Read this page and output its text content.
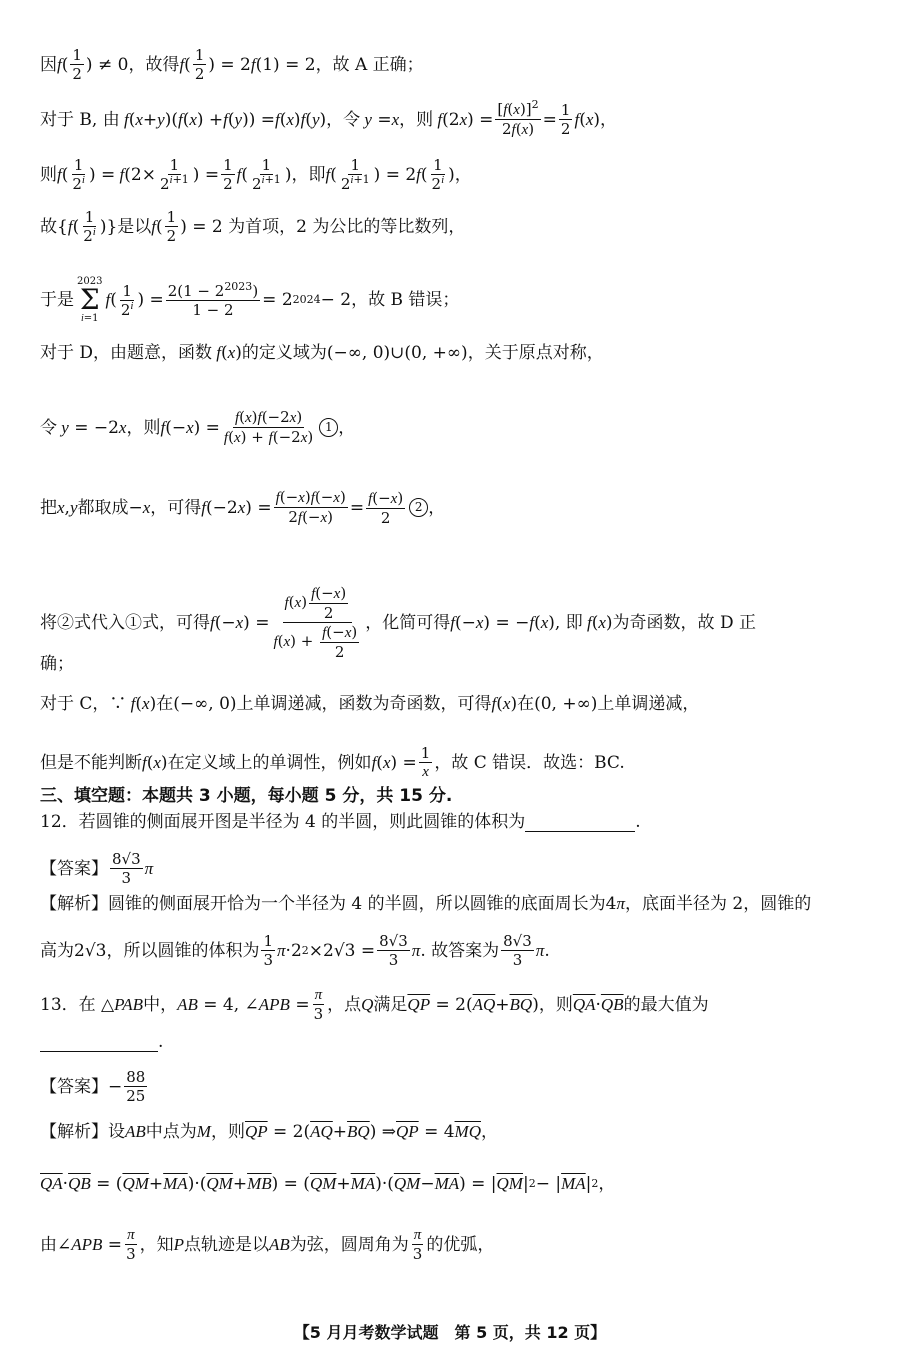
因 f ( $\frac{1}{2}$ ) ≠ 0 ，故得 f ( $\frac{1}{2}$ ) = 2f(1) = 2 ，故 A 正确；
对于 B, 由 f ( x + y )( f ( x ) + f ( y )) = f ( x ) f ( y ) ，令 y = x ，则 f (2 x ) = $\frac{[f(x)]^2}{2f(x)} = \frac{1}{2}$ f ( x ) ，
则 f ( $\frac{1}{2^i}$ ) = f ($2\times \frac{1}{2^{i+1}}$ ) = $\frac{1}{2}$ f ( $\frac{1}{2^{i+1}}$ ) ，即 f ( $\frac{1}{2^{i+1}}$ ) = 2 f ( $\frac{1}{2^i}$ ) ，
故 { f ( $\frac{1}{2^i}$ )} 是以 f ( $\frac{1}{2}$ ) = 2 为首项，2 为公比的等比数列，
于是
2023
Σ
i=1
f ( $\frac{1}{2^i}$ ) = $\frac{2(1 - 2^{2023})}{1 - 2} = 2$ 2024 − 2 ，故 B 错误；
对于 D，由题意，函数 f ( x ) 的定义域为 (−∞, 0)∪(0, +∞) ，关于原点对称，
令 y = −2 x ，则 f (− x ) = $\frac{f(x)f(-2x)}{f(x) + f(-2x)} 1$ ，
把 x , y 都取成 − x ，可得 f (−2 x ) = $\frac{f(-x)f(-x)}{2f(-x)} = \frac{f(-x)}{2} 2$ ，
将②式代入①式，可得 f (− x ) = $\frac{f(x) \frac{f(-x)}{2}}{f(x) + \frac{f(-x)}{2}}$ ，化简可得 f (− x ) = − f ( x ) , 即 f ( x ) 为奇函数，故 D 正
确；
对于 C，∵ f ( x ) 在 (−∞, 0) 上单调递减，函数为奇函数，可得 f ( x ) 在 (0, +∞) 上单调递减，
但是不能判断 f ( x ) 在定义域上的单调性，例如 f ( x ) = $\frac{1}{x}$ ，故 C 错误．故选：BC.
三、填空题：本题共 3 小题，每小题 5 分，共 15 分.
12．若圆锥的侧面展开图是半径为 4 的半圆，则此圆锥的体积为	.
【答案】 $\frac{8√3}{3}$ π
【解析】 圆锥的侧面展开恰为一个半径为 4 的半圆，所以圆锥的底面周长为 4 π ，底面半径为 2，圆锥的
高为 2√3 ，所以圆锥的体积为 $\frac{1}{3}$ π ·2 $2 \times 2√3 = \frac{8√3}{3}$ π . 故答案为 $\frac{8√3}{3}$ π .
13．在 △ PAB 中， AB = 4, ∠ APB = $\frac{\pi}{3}$ ，点 Q 满足 $\overline{QP} = 2$( $\overline{AQ} + \overline{BQ}$ ) ，则 $\overline{QA} \cdot \overline{QB}$ 的最大值为
.
【答案】 − $\frac{88}{25}$
【解析】 设 AB 中点为 M ，则 $\overline{QP} = 2$( $\overline{AQ} + \overline{BQ}$ ) ⇒ $\overline{QP} = 4$ $\overline{MQ}$ ，
$\overline{QA} \cdot \overline{QB}$ = ( $\overline{QM} + \overline{MA}$ )·( $\overline{QM} + \overline{MB}$ ) = ( $\overline{QM} + \overline{MA}$ )·( $\overline{QM} - \overline{MA}$ ) = | $\overline{QM}$ | 2 − | $\overline{MA}$ | 2 ，
由 ∠ APB = $\frac{\pi}{3}$ ，知 P 点轨迹是以 AB 为弦，圆周角为 $\frac{\pi}{3}$ 的优弧，
【5 月月考数学试题　第 5 页，共 12 页】
